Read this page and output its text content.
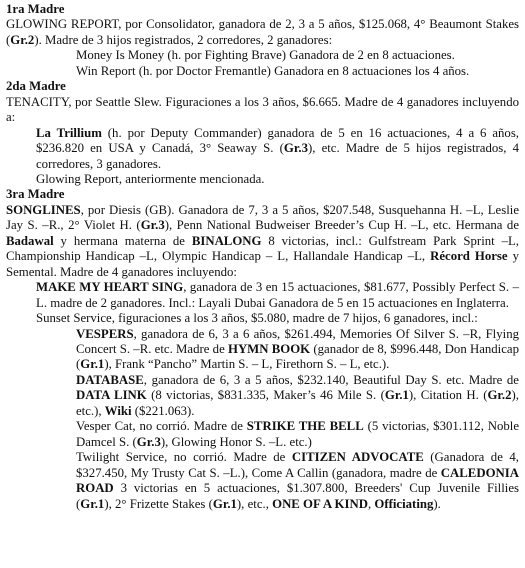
1ra Madre
GLOWING REPORT, por Consolidator, ganadora de 2, 3 a 5 años, $125.068, 4° Beaumont Stakes (Gr.2). Madre de 3 hijos registrados, 2 corredores, 2 ganadores:
Money Is Money (h. por Fighting Brave) Ganadora de 2 en 8 actuaciones.
Win Report (h. por Doctor Fremantle) Ganadora en 8 actuaciones los 4 años.
2da Madre
TENACITY, por Seattle Slew. Figuraciones a los 3 años, $6.665. Madre de 4 ganadores incluyendo a:
La Trillium (h. por Deputy Commander) ganadora de 5 en 16 actuaciones, 4 a 6 años, $236.820 en USA y Canadá, 3° Seaway S. (Gr.3), etc. Madre de 5 hijos registrados, 4 corredores, 3 ganadores.
Glowing Report, anteriormente mencionada.
3ra Madre
SONGLINES, por Diesis (GB). Ganadora de 7, 3 a 5 años, $207.548, Susquehanna H. –L, Leslie Jay S. –R., 2° Violet H. (Gr.3), Penn National Budweiser Breeder’s Cup H. –L, etc. Hermana de Badawal y hermana materna de BINALONG 8 victorias, incl.: Gulfstream Park Sprint –L, Championship Handicap –L, Olympic Handicap – L, Hallandale Handicap –L, Récord Horse y Semental. Madre de 4 ganadores incluyendo:
MAKE MY HEART SING, ganadora de 3 en 15 actuaciones, $81.677, Possibly Perfect S. –L. madre de 2 ganadores. Incl.: Layali Dubai Ganadora de 5 en 15 actuaciones en Inglaterra.
Sunset Service, figuraciones a los 3 años, $5.080, madre de 7 hijos, 6 ganadores, incl.:
VESPERS, ganadora de 6, 3 a 6 años, $261.494, Memories Of Silver S. –R, Flying Concert S. –R. etc. Madre de HYMN BOOK (ganador de 8, $996.448, Don Handicap (Gr.1), Frank “Pancho” Martin S. – L, Firethorn S. – L, etc.).
DATABASE, ganadora de 6, 3 a 5 años, $232.140, Beautiful Day S. etc. Madre de DATA LINK (8 victorias, $831.335, Maker’s 46 Mile S. (Gr.1), Citation H. (Gr.2), etc.), Wiki ($221.063).
Vesper Cat, no corrió. Madre de STRIKE THE BELL (5 victorias, $301.112, Noble Damcel S. (Gr.3), Glowing Honor S. –L. etc.)
Twilight Service, no corrió. Madre de CITIZEN ADVOCATE (Ganadora de 4, $327.450, My Trusty Cat S. –L.), Come A Callin (ganadora, madre de CALEDONIA ROAD 3 victorias en 5 actuaciones, $1.307.800, Breeders' Cup Juvenile Fillies (Gr.1), 2° Frizette Stakes (Gr.1), etc., ONE OF A KIND, Officiating).
